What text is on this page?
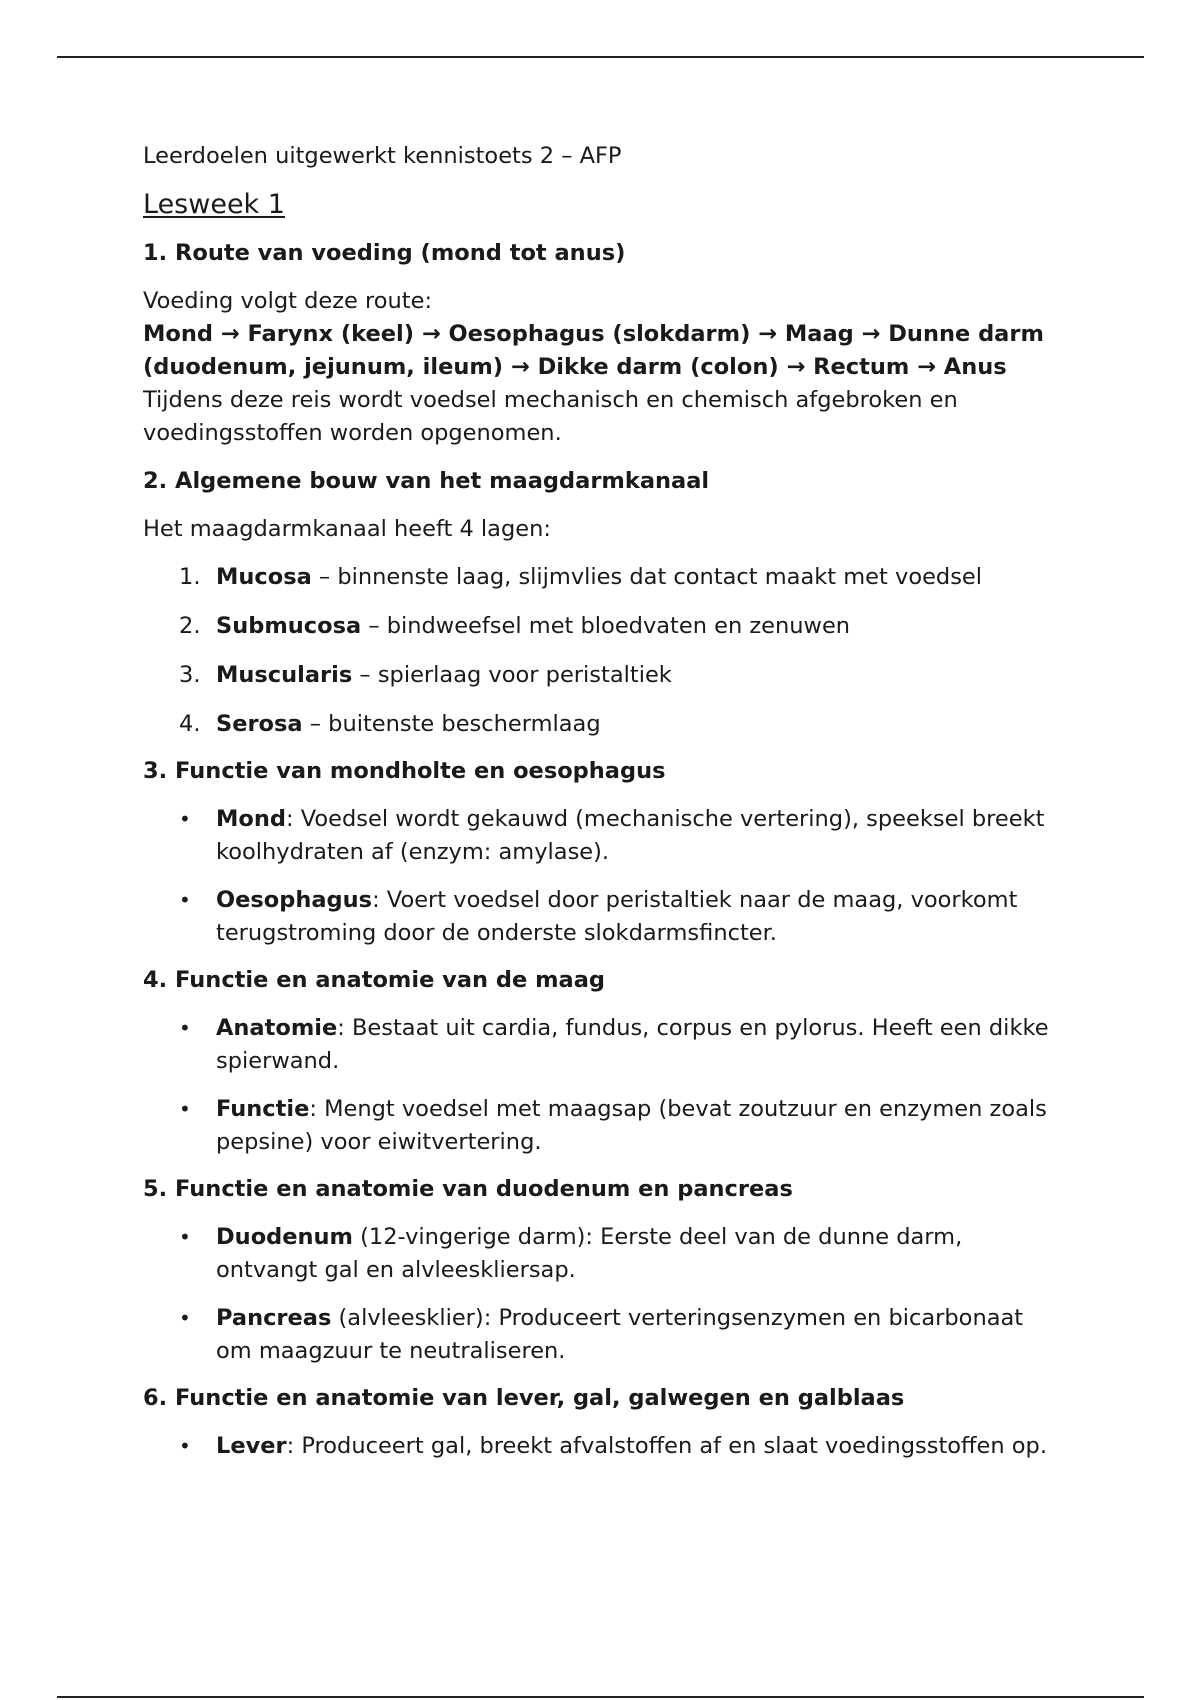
Leerdoelen uitgewerkt kennistoets 2 – AFP

Lesweek 1
1. Route van voeding (mond tot anus)

Voeding volgt deze route:

Mond → Farynx (keel) → Oesophagus (slokdarm) → Maag → Dunne darm (duodenum, jejunum, ileum) → Dikke darm (colon) → Rectum → Anus

Tijdens deze reis wordt voedsel mechanisch en chemisch afgebroken en voedingsstoffen worden opgenomen.

2. Algemene bouw van het maagdarmkanaal

Het maagdarmkanaal heeft 4 lagen:

1. Mucosa – binnenste laag, slijmvlies dat contact maakt met voedsel
2. Submucosa – bindweefsel met bloedvaten en zenuwen
3. Muscularis – spierlaag voor peristaltiek
4. Serosa – buitenste beschermlaag
3. Functie van mondholte en oesophagus
• Mond: Voedsel wordt gekauwd (mechanische vertering), speeksel breekt koolhydraten af (enzym: amylase).
• Oesophagus: Voert voedsel door peristaltiek naar de maag, voorkomt terugstroming door de onderste slokdarmsfincter.
4. Functie en anatomie van de maag
• Anatomie: Bestaat uit cardia, fundus, corpus en pylorus. Heeft een dikke spierwand.
• Functie: Mengt voedsel met maagsap (bevat zoutzuur en enzymen zoals pepsine) voor eiwitvertering.
5. Functie en anatomie van duodenum en pancreas
• Duodenum (12-vingerige darm): Eerste deel van de dunne darm, ontvangt gal en alvleeskliersap.
• Pancreas (alvleesklier): Produceert verteringsenzymen en bicarbonaat om maagzuur te neutraliseren.
6. Functie en anatomie van lever, gal, galwegen en galblaas
• Lever: Produceert gal, breekt afvalstoffen af en slaat voedingsstoffen op.
